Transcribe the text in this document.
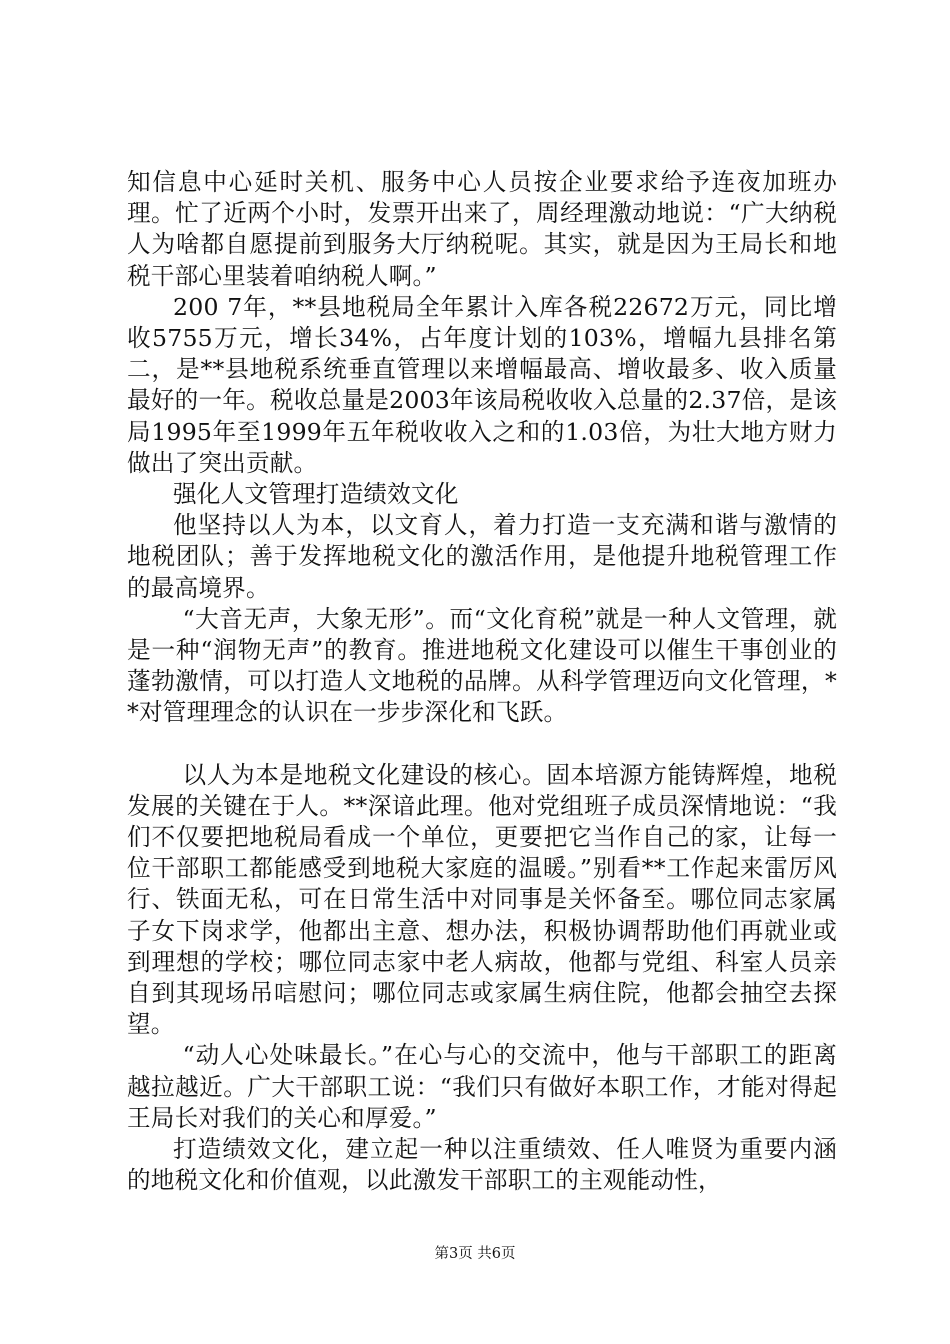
知信息中心延时关机、服务中心人员按企业要求给予连夜加班办理。忙了近两个小时，发票开出来了，周经理激动地说：“广大纳税人为啥都自愿提前到服务大厅纳税呢。其实，就是因为王局长和地税干部心里装着咱纳税人啊。”

200 7年，**县地税局全年累计入库各税22672万元，同比增收5755万元，增长34%，占年度计划的103%，增幅九县排名第二，是**县地税系统垂直管理以来增幅最高、增收最多、收入质量最好的一年。税收总量是2003年该局税收收入总量的2.37倍，是该局1995年至1999年五年税收收入之和的1.03倍，为壮大地方财力做出了突出贡献。

强化人文管理打造绩效文化

他坚持以人为本，以文育人，着力打造一支充满和谐与激情的地税团队；善于发挥地税文化的激活作用，是他提升地税管理工作的最高境界。

“大音无声，大象无形”。而“文化育税”就是一种人文管理，就是一种“润物无声”的教育。推进地税文化建设可以催生干事创业的蓬勃激情，可以打造人文地税的品牌。从科学管理迈向文化管理，**对管理理念的认识在一步步深化和飞跃。

以人为本是地税文化建设的核心。固本培源方能铸辉煌，地税发展的关键在于人。**深谙此理。他对党组班子成员深情地说：“我们不仅要把地税局看成一个单位，更要把它当作自己的家，让每一位干部职工都能感受到地税大家庭的温暖。”别看**工作起来雷厉风行、铁面无私，可在日常生活中对同事是关怀备至。哪位同志家属子女下岗求学，他都出主意、想办法，积极协调帮助他们再就业或到理想的学校；哪位同志家中老人病故，他都与党组、科室人员亲自到其现场吊唁慰问；哪位同志或家属生病住院，他都会抽空去探望。

“动人心处味最长。”在心与心的交流中，他与干部职工的距离越拉越近。广大干部职工说：“我们只有做好本职工作，才能对得起王局长对我们的关心和厚爱。”

打造绩效文化，建立起一种以注重绩效、任人唯贤为重要内涵的地税文化和价值观，以此激发干部职工的主观能动性，

第3页 共6页
